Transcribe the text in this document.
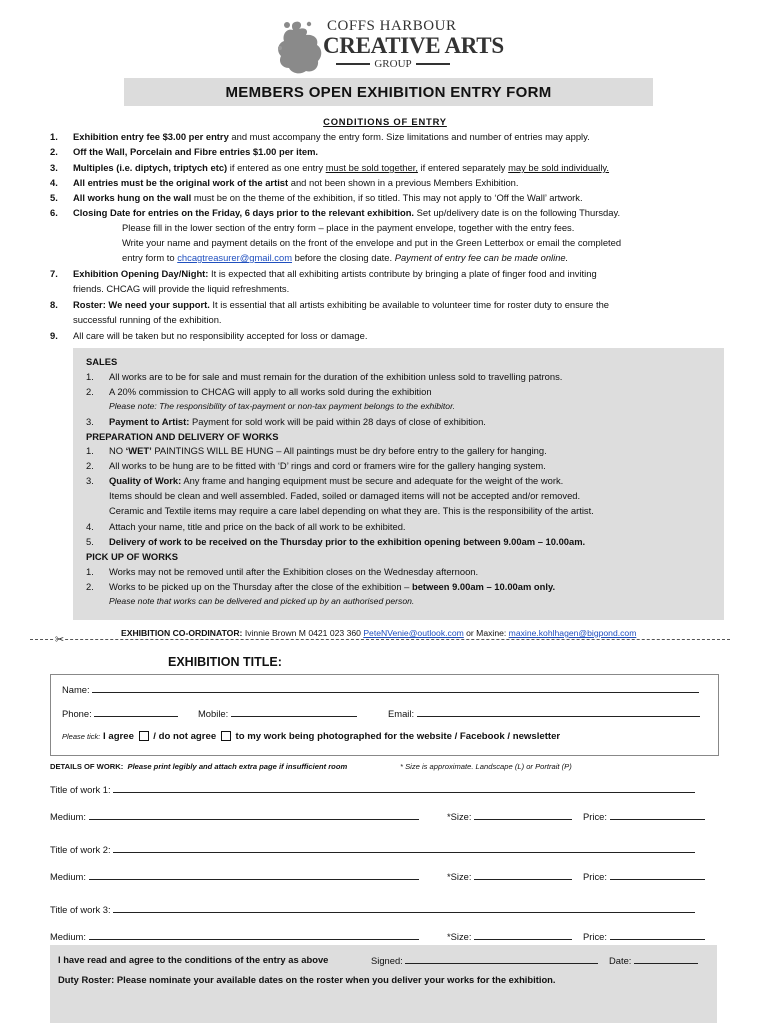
COFFS HARBOUR
CREATIVE ARTS
GROUP
MEMBERS OPEN EXHIBITION ENTRY FORM
CONDITIONS OF ENTRY
1.	Exhibition entry fee $3.00 per entry and must accompany the entry form. Size limitations and number of entries may apply.
2.	Off the Wall, Porcelain and Fibre entries $1.00 per item.
3.	Multiples (i.e. diptych, triptych etc) if entered as one entry must be sold together, if entered separately may be sold individually.
4.	All entries must be the original work of the artist and not been shown in a previous Members Exhibition.
5.	All works hung on the wall must be on the theme of the exhibition, if so titled. This may not apply to ‘Off the Wall’ artwork.
6.	Closing Date for entries on the Friday, 6 days prior to the relevant exhibition. Set up/delivery date is on the following Thursday.
Please fill in the lower section of the entry form – place in the payment envelope, together with the entry fees.
Write your name and payment details on the front of the envelope and put in the Green Letterbox or email the completed
entry form to chcagtreasurer@gmail.com before the closing date. Payment of entry fee can be made online.
7.	Exhibition Opening Day/Night: It is expected that all exhibiting artists contribute by bringing a plate of finger food and inviting
friends. CHCAG will provide the liquid refreshments.
8.	Roster: We need your support. It is essential that all artists exhibiting be available to volunteer time for roster duty to ensure the
successful running of the exhibition.
9.	All care will be taken but no responsibility accepted for loss or damage.
SALES
1. All works are to be for sale and must remain for the duration of the exhibition unless sold to travelling patrons.
2. A 20% commission to CHCAG will apply to all works sold during the exhibition
Please note: The responsibility of tax-payment or non-tax payment belongs to the exhibitor.
3. Payment to Artist: Payment for sold work will be paid within 28 days of close of exhibition.
PREPARATION AND DELIVERY OF WORKS
1. NO ‘WET’ PAINTINGS WILL BE HUNG – All paintings must be dry before entry to the gallery for hanging.
2. All works to be hung are to be fitted with ‘D’ rings and cord or framers wire for the gallery hanging system.
3. Quality of Work: Any frame and hanging equipment must be secure and adequate for the weight of the work.
Items should be clean and well assembled. Faded, soiled or damaged items will not be accepted and/or removed.
Ceramic and Textile items may require a care label depending on what they are. This is the responsibility of the artist.
4. Attach your name, title and price on the back of all work to be exhibited.
5. Delivery of work to be received on the Thursday prior to the exhibition opening between 9.00am – 10.00am.
PICK UP OF WORKS
1. Works may not be removed until after the Exhibition closes on the Wednesday afternoon.
2. Works to be picked up on the Thursday after the close of the exhibition – between 9.00am – 10.00am only.
Please note that works can be delivered and picked up by an authorised person.
EXHIBITION CO-ORDINATOR: Ivinnie Brown M 0421 023 360 PeteNVenie@outlook.com or Maxine: maxine.kohlhagen@bigpond.com
✂
EXHIBITION TITLE:
Name:
Phone:	Mobile:	Email:
Please tick: I agree  / do not agree  to my work being photographed for the website / Facebook / newsletter
DETAILS OF WORK: Please print legibly and attach extra page if insufficient room	* Size is approximate. Landscape (L) or Portrait (P)
Title of work 1:
Medium:	*Size:	Price:
Title of work 2:
Medium:	*Size:	Price:
Title of work 3:
Medium:	*Size:	Price:
I have read and agree to the conditions of the entry as above	Signed:	Date:
Duty Roster: Please nominate your available dates on the roster when you deliver your works for the exhibition.
